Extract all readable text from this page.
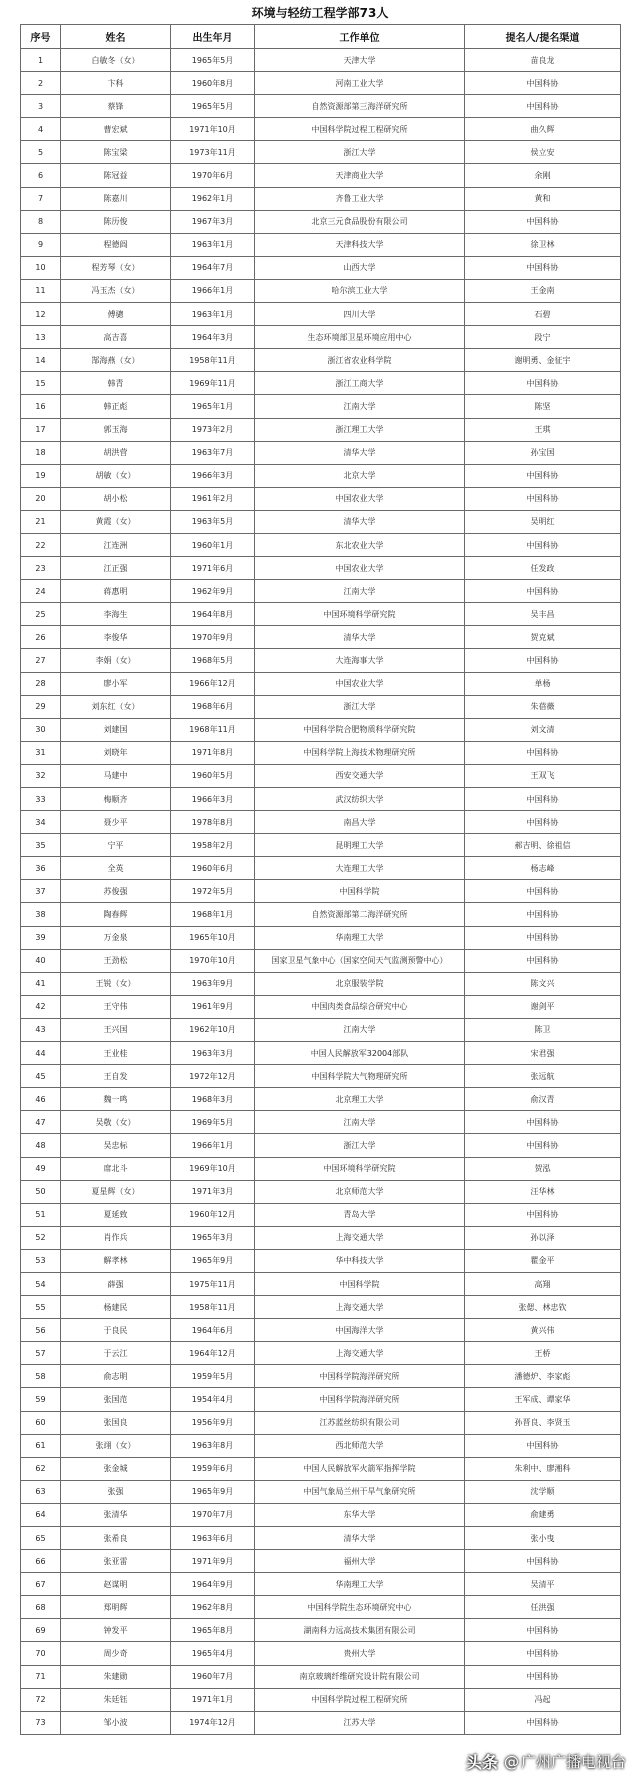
环境与轻纺工程学部73人
序号	姓名	出生年月	工作单位	提名人/提名渠道
1	白敏冬（女）	1965年5月	天津大学	苗良龙
2	卞科	1960年8月	河南工业大学	中国科协
3	蔡锋	1965年5月	自然资源部第三海洋研究所	中国科协
4	曹宏斌	1971年10月	中国科学院过程工程研究所	曲久辉
5	陈宝梁	1973年11月	浙江大学	侯立安
6	陈冠益	1970年6月	天津商业大学	余刚
7	陈嘉川	1962年1月	齐鲁工业大学	黄和
8	陈历俊	1967年3月	北京三元食品股份有限公司	中国科协
9	程德阎	1963年1月	天津科技大学	徐卫林
10	程芳琴（女）	1964年7月	山西大学	中国科协
11	冯玉杰（女）	1966年1月	哈尔滨工业大学	王金南
12	傅骢	1963年1月	四川大学	石碧
13	高吉喜	1964年3月	生态环境部卫星环境应用中心	段宁
14	郜海燕（女）	1958年11月	浙江省农业科学院	谢明勇、金征宇
15	韩青	1969年11月	浙江工商大学	中国科协
16	韩正彪	1965年1月	江南大学	陈坚
17	郭玉海	1973年2月	浙江理工大学	王琪
18	胡洪营	1963年7月	清华大学	孙宝国
19	胡敏（女）	1966年3月	北京大学	中国科协
20	胡小松	1961年2月	中国农业大学	中国科协
21	黄霞（女）	1963年5月	清华大学	吴明红
22	江连洲	1960年1月	东北农业大学	中国科协
23	江正强	1971年6月	中国农业大学	任发政
24	蒋惠明	1962年9月	江南大学	中国科协
25	李海生	1964年8月	中国环境科学研究院	吴丰昌
26	李俊华	1970年9月	清华大学	贺克斌
27	李娟（女）	1968年5月	大连海事大学	中国科协
28	廖小军	1966年12月	中国农业大学	单杨
29	刘东红（女）	1968年6月	浙江大学	朱蓓薇
30	刘建国	1968年11月	中国科学院合肥物质科学研究院	刘文清
31	刘晓年	1971年8月	中国科学院上海技术物理研究所	中国科协
32	马建中	1960年5月	西安交通大学	王双飞
33	梅顺齐	1966年3月	武汉纺织大学	中国科协
34	聂少平	1978年8月	南昌大学	中国科协
35	宁平	1958年2月	昆明理工大学	郝吉明、徐祖信
36	全英	1960年6月	大连理工大学	杨志峰
37	苏俊强	1972年5月	中国科学院	中国科协
38	陶春辉	1968年1月	自然资源部第二海洋研究所	中国科协
39	万金泉	1965年10月	华南理工大学	中国科协
40	王劲松	1970年10月	国家卫星气象中心（国家空间天气监测预警中心）	中国科协
41	王锐（女）	1963年9月	北京服装学院	陈文兴
42	王守伟	1961年9月	中国肉类食品综合研究中心	谢剑平
43	王兴国	1962年10月	江南大学	陈卫
44	王业桂	1963年3月	中国人民解放军32004部队	宋君强
45	王自发	1972年12月	中国科学院大气物理研究所	张远航
46	魏一鸣	1968年3月	北京理工大学	俞汉青
47	吴敬（女）	1969年5月	江南大学	中国科协
48	吴忠标	1966年1月	浙江大学	中国科协
49	席北斗	1969年10月	中国环境科学研究院	贺泓
50	夏星辉（女）	1971年3月	北京师范大学	汪华林
51	夏延致	1960年12月	青岛大学	中国科协
52	肖作兵	1965年3月	上海交通大学	孙以泽
53	解孝林	1965年9月	华中科技大学	瞿金平
54	薛强	1975年11月	中国科学院	高翔
55	杨建民	1958年11月	上海交通大学	张偲、林忠钦
56	于良民	1964年6月	中国海洋大学	黄兴伟
57	于云江	1964年12月	上海交通大学	王桥
58	俞志明	1959年5月	中国科学院海洋研究所	潘德炉、李家彪
59	张国范	1954年4月	中国科学院海洋研究所	王军成、谭家华
60	张国良	1956年9月	江苏蓝丝纺织有限公司	孙晋良、李贤玉
61	张翊（女）	1963年8月	西北师范大学	中国科协
62	张金城	1959年6月	中国人民解放军火箭军指挥学院	朱利中、廖湘科
63	张强	1965年9月	中国气象局兰州干旱气象研究所	沈学顺
64	张清华	1970年7月	东华大学	俞建勇
65	张希良	1963年6月	清华大学	张小曳
66	张亚雷	1971年9月	福州大学	中国科协
67	赵谋明	1964年9月	华南理工大学	吴清平
68	郑明辉	1962年8月	中国科学院生态环境研究中心	任洪强
69	钟发平	1965年8月	湖南科力远高技术集团有限公司	中国科协
70	周少奇	1965年4月	贵州大学	中国科协
71	朱建勋	1960年7月	南京玻璃纤维研究设计院有限公司	中国科协
72	朱廷钰	1971年1月	中国科学院过程工程研究所	冯起
73	邹小波	1974年12月	江苏大学	中国科协
头条 @ 广州广播电视台
